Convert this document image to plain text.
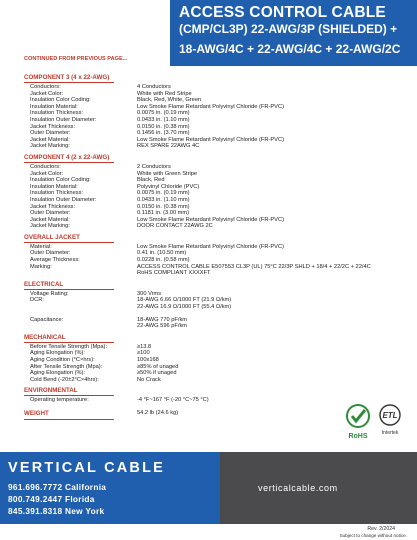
ACCESS CONTROL CABLE
(CMP/CL3P) 22-AWG/3P (SHIELDED) +
18-AWG/4C + 22-AWG/4C + 22-AWG/2C
CONTINUED FROM PREVIOUS PAGE...
COMPONENT 3 (4 x 22-AWG)
Conductors:	4 Conductors
Jacket Color:	White with Red Stripe
Insulation Color Coding:	Black, Red, White, Green
Insulation Material:	Low Smoke Flame Retardant Polyvinyl Chloride (FR-PVC)
Insulation Thickness:	0.0075 in. (0.19 mm)
Insulation Outer Diameter:	0.0433 in. (1.10 mm)
Jacket Thickness:	0.0150 in. (0.38 mm)
Outer Diameter:	0.1456 in. (3.70 mm)
Jacket Material:	Low Smoke Flame Retardant Polyvinyl Chloride (FR-PVC)
Jacket Marking:	REX SPARE 22AWG 4C
COMPONENT 4 (2 x 22-AWG)
Conductors:	2 Conductors
Jacket Color:	White with Green Stripe
Insulation Color Coding:	Black, Red
Insulation Material:	Polyvinyl Chloride (PVC)
Insulation Thickness:	0.0075 in. (0.19 mm)
Insulation Outer Diameter:	0.0433 in. (1.10 mm)
Jacket Thickness:	0.0150 in. (0.38 mm)
Outer Diameter:	0.1181 in. (3.00 mm)
Jacket Material:	Low Smoke Flame Retardant Polyvinyl Chloride (FR-PVC)
Jacket Marking:	DOOR CONTACT 22AWG 2C
OVERALL JACKET
Material:	Low Smoke Flame Retardant Polyvinyl Chloride (FR-PVC)
Outer Diameter:	0.41 in. (10.50 mm)
Average Thickness:	0.0228 in. (0.58 mm)
Marking:	ACCESS CONTROL CABLE E507553 CL3P (UL) 75°C 22/3P SHLD + 18/4 + 22/2C + 22/4C
RoHS COMPLIANT XXXXFT
ELECTRICAL
Voltage Rating:	300 Vrms
DCR:	18-AWG 6.66 Ω/1000 FT (21.9 Ω/km)
22-AWG 16.9 Ω/1000 FT (55.4 Ω/km)
Capacitance:	18-AWG 770 pF/km
22-AWG 596 pF/km
MECHANICAL
Before Tensile Strength (Mpa):	≥13.8
Aging Elongation (%):	≥100
Aging Condition (°C×hrs):	100x168
After Tensile Strength (Mpa):	≥85% of unaged
Aging Elongation (%):	≥50% if unaged
Cold Bend (-20±2°C×4hrs):	No Crack
ENVIRONMENTAL
Operating temperature:	-4 °F~167 °F (-20 °C~75 °C)
WEIGHT	54.2 lb (24.6 kg)
RoHS
ETL
Intertek
VERTICAL CABLE
961.696.7772 California
800.749.2447 Florida
845.391.8318 New York
verticalcable.com
Rev. 2/2024
Subject to change without notice.
